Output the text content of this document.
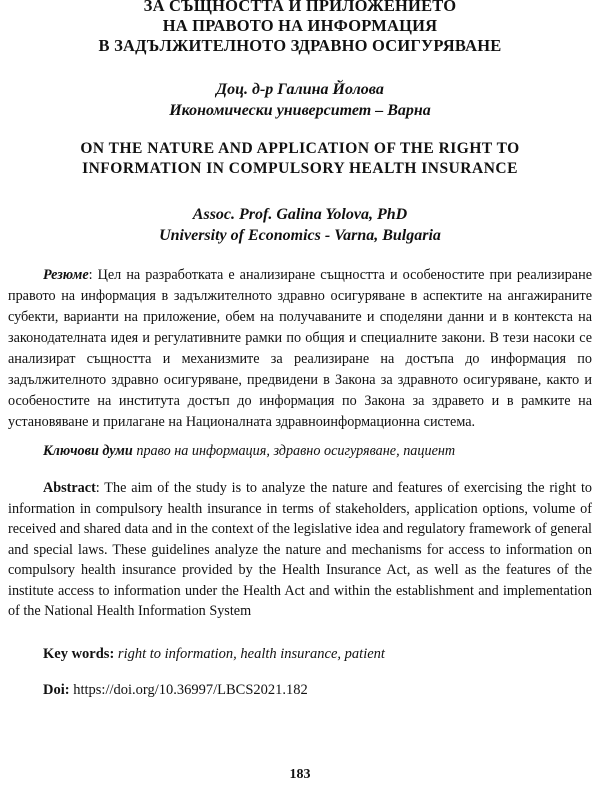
ЗА СЪЩНОСТТА И ПРИЛОЖЕНИЕТО
НА ПРАВОТО НА ИНФОРМАЦИЯ
В ЗАДЪЛЖИТЕЛНОТО ЗДРАВНО ОСИГУРЯВАНЕ
Доц. д-р Галина Йолова
Икономически университет – Варна
ON THE NATURE AND APPLICATION OF THE RIGHT TO
INFORMATION IN COMPULSORY HEALTH INSURANCE
Assoc. Prof. Galina Yolova, PhD
University of Economics - Varna, Bulgaria
Резюме: Цел на разработката е анализиране същността и особеностите при реализиране правото на информация в задължителното здравно осигуряване в аспектите на ангажираните субекти, варианти на приложение, обем на получаваните и споделяни данни и в контекста на законодателната идея и регулативните рамки по общия и специалните закони. В тези насоки се анализират същността и механизмите за реализиране на достъпа до информация по задължителното здравно осигуряване, предвидени в Закона за здравното осигуряване, както и особеностите на института достъп до информация по Закона за здравето и в рамките на установяване и прилагане на Националната здравноинформационна система.
Ключови думи право на информация, здравно осигуряване, пациент
Abstract: The aim of the study is to analyze the nature and features of exercising the right to information in compulsory health insurance in terms of stakeholders, application options, volume of received and shared data and in the context of the legislative idea and regulatory framework of general and special laws. These guidelines analyze the nature and mechanisms for access to information on compulsory health insurance provided by the Health Insurance Act, as well as the features of the institute access to information under the Health Act and within the establishment and implementation of the National Health Information System
Key words: right to information, health insurance, patient
Doi: https://doi.org/10.36997/LBCS2021.182
183
